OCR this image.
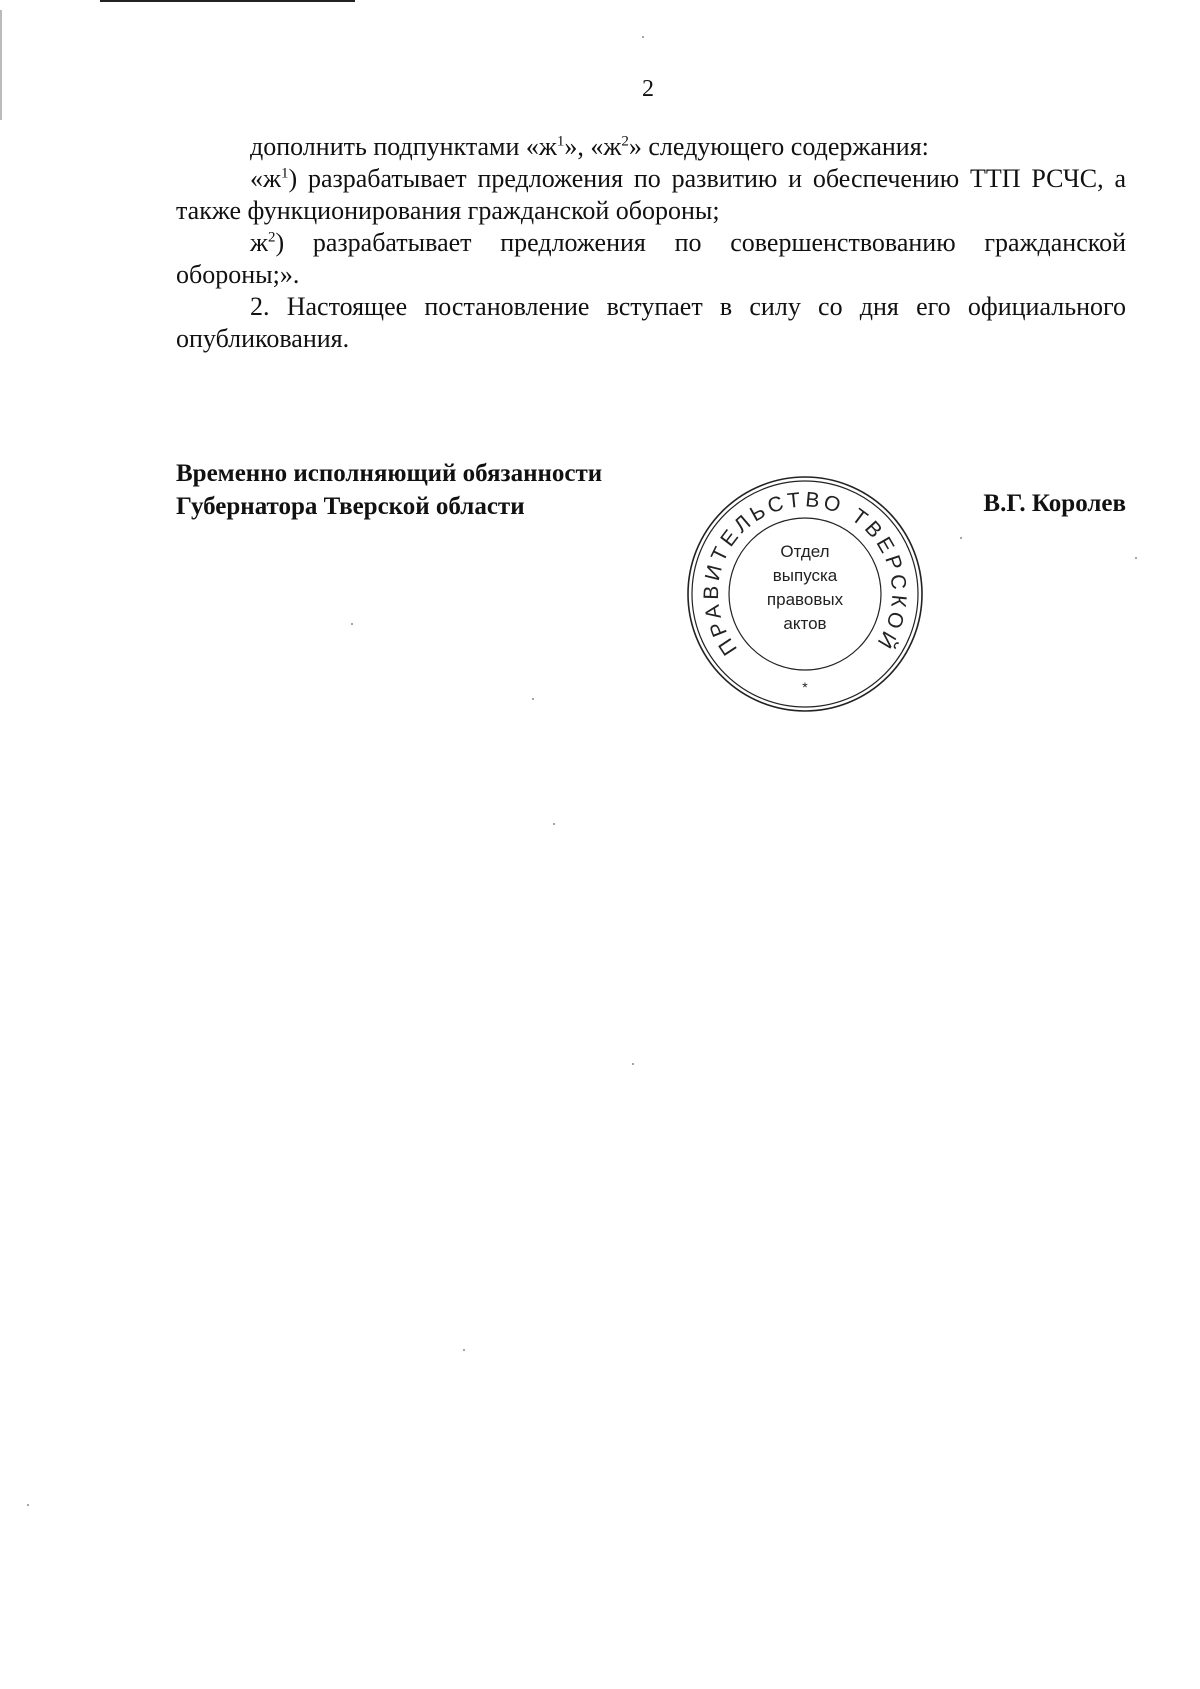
2

дополнить подпунктами «$ж^1$», «$ж^2$» следующего содержания:

«$ж^1$) разрабатывает предложения по развитию и обеспечению ТТП РСЧС, а также функционирования гражданской обороны;

$ж^2$) разрабатывает предложения по совершенствованию гражданской обороны;».

2. Настоящее постановление вступает в силу со дня его официального опубликования.

Временно исполняющий обязанности
Губернатора Тверской области	В.Г. Королев
ПРАВИТЕЛЬСТВО ТВЕРСКОЙ
*
Отдел
выпуска
правовых
актов
